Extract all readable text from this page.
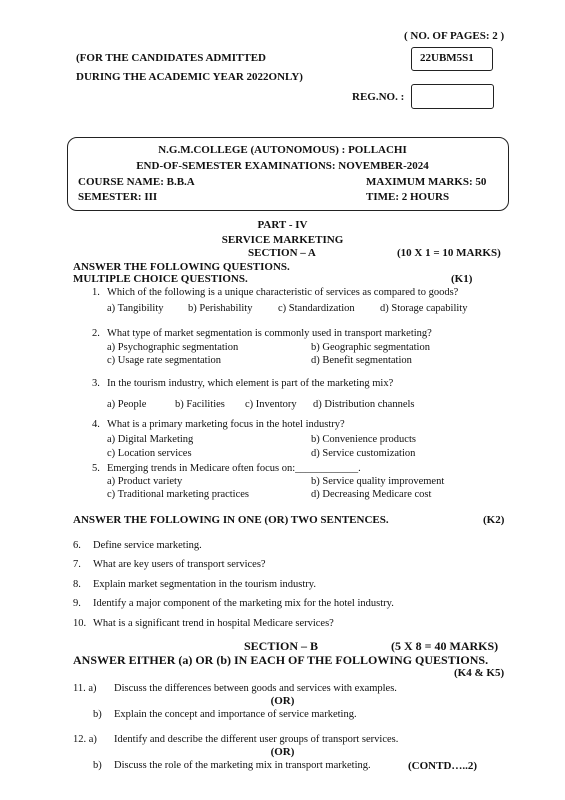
( NO. OF PAGES: 2 )
(FOR THE CANDIDATES ADMITTED
DURING THE ACADEMIC YEAR 2022ONLY)
22UBM5S1
REG.NO. :
N.G.M.COLLEGE (AUTONOMOUS) : POLLACHI
END-OF-SEMESTER EXAMINATIONS: NOVEMBER-2024
COURSE NAME: B.B.A	MAXIMUM MARKS: 50
SEMESTER: III	TIME: 2 HOURS
PART - IV
SERVICE MARKETING
SECTION – A	(10 X 1 = 10 MARKS)
ANSWER THE FOLLOWING QUESTIONS.
MULTIPLE CHOICE QUESTIONS.	(K1)
1. Which of the following is a unique characteristic of services as compared to goods?
a) Tangibility b) Perishability c) Standardization d) Storage capability
2. What type of market segmentation is commonly used in transport marketing?
a) Psychographic segmentation	b) Geographic segmentation
c) Usage rate segmentation	d) Benefit segmentation
3. In the tourism industry, which element is part of the marketing mix?
a) People	b) Facilities c) Inventory d) Distribution channels
4. What is a primary marketing focus in the hotel industry?
a) Digital Marketing	b) Convenience products
c) Location services	d) Service customization
5. Emerging trends in Medicare often focus on:____________.
a) Product variety	b) Service quality improvement
c) Traditional marketing practices	d) Decreasing Medicare cost
ANSWER THE FOLLOWING IN ONE (OR) TWO SENTENCES.	(K2)
6. Define service marketing.
7. What are key users of transport services?
8. Explain market segmentation in the tourism industry.
9. Identify a major component of the marketing mix for the hotel industry.
10. What is a significant trend in hospital Medicare services?
SECTION – B	(5 X 8 = 40 MARKS)
ANSWER EITHER (a) OR (b) IN EACH OF THE FOLLOWING QUESTIONS.
(K4 & K5)
11. a) Discuss the differences between goods and services with examples.
(OR)
b) Explain the concept and importance of service marketing.
12. a) Identify and describe the different user groups of transport services.
(OR)
b) Discuss the role of the marketing mix in transport marketing.	(CONTD…..2)
